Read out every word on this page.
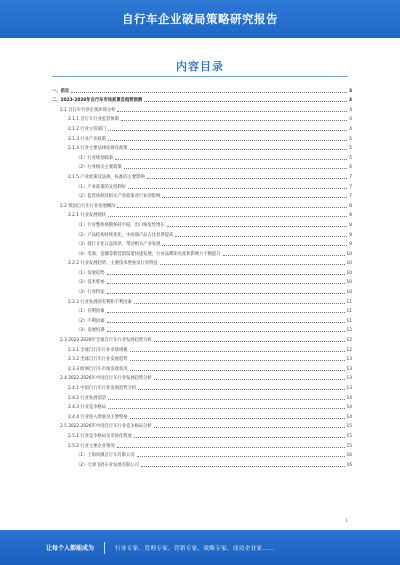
自行车企业破局策略研究报告
内容目录
一、前言	3
二、2023-2028年自行车市场前景及趋势预测	3
2.1 自行车行业宏观环境分析	4
2.1.1 自行车行业监管体制	4
2.1.2 行业主管部门	4
2.1.3 行业产业政策	5
2.1.4 行业主要法律法规及政策	5
（1）行业规划政策	5
（2）行业相关主要政策	6
2.1.5 产业政策及法规、标准的主要影响	7
（1）产业政策的支持利好	7
（2）监管体制及相关产业政策对行业的影响	7
2.2 我国自行车行业发展概况	8
2.2.1 行业发展现状	8
（1）行业整体规模保持平稳，出口恢复性增长	8
（2）产品结构持续优化，中高端产品占比显著提高	9
（3）骑行文化日益浓厚，带动相关产业发展	9
（4）电商、直播等新营销渠道快速发展，行业品牌知名度和影响力不断提升	10
2.2.2 行业发展趋势、主要技术壁垒及行业特征	10
（1）发展趋势	10
（2）技术壁垒	10
（3）行业特征	10
2.2.3 行业发展的有利和不利因素	11
（1）有利因素	11
（2）不利因素	11
（3）发展机遇	12
2.3 2022-2026年全球自行车行业发展趋势分析	12
2.3.1 全球自行车行业市场规模	12
2.3.2 全球自行车行业发展趋势	13
2.3.3 欧洲自行车市场发展状况	13
2.4 2022-2026年中国自行车行业发展趋势分析	13
2.4.1 中国自行车行业发展趋势分析	13
2.4.2 行业发展前景	14
2.4.3 行业竞争格局	14
2.4.4 行业进入壁垒及主要壁垒	14
2.5 2022-2026年中国自行车行业竞争格局分析	15
2.5.1 行业竞争格局及市场化程度	15
2.5.2 行业主要企业情况	15
（1）上海凤凰自行车有限公司	16
（2）天津飞鸽车业发展有限公司	16
1
让每个人都能成为	行业专家、管理专家、营销专家、战略专家、成功企业家……
